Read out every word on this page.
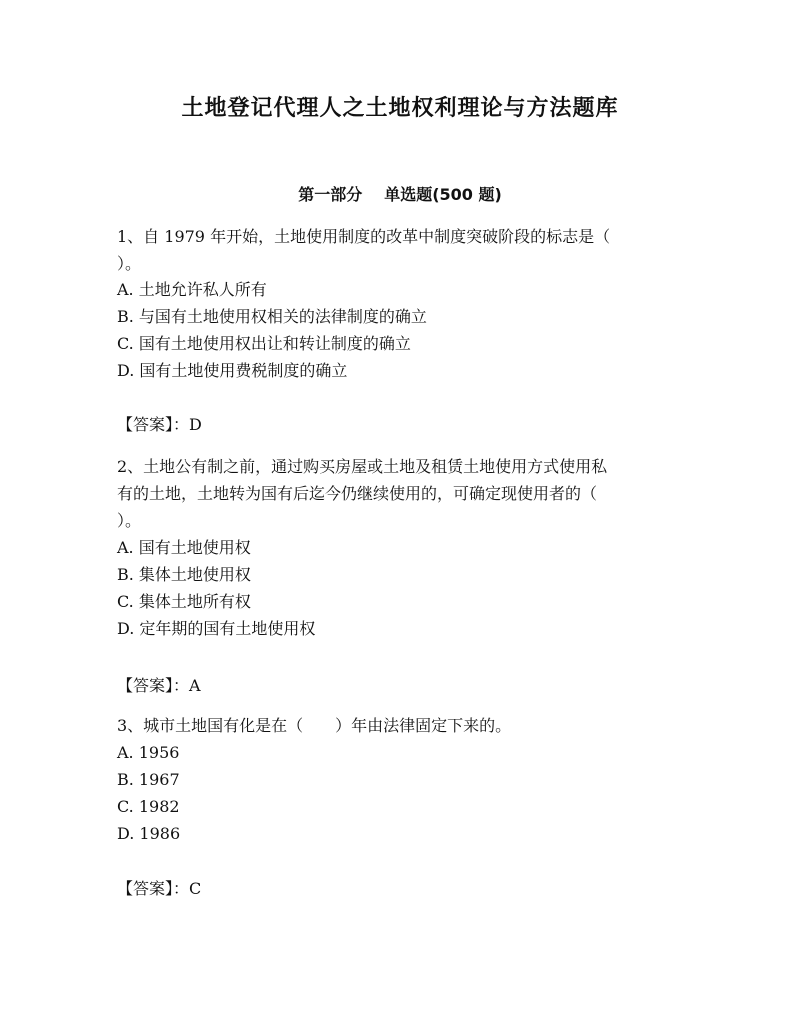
土地登记代理人之土地权利理论与方法题库
第一部分 单选题(500 题)
1、自 1979 年开始，土地使用制度的改革中制度突破阶段的标志是（
）。
A. 土地允许私人所有
B. 与国有土地使用权相关的法律制度的确立
C. 国有土地使用权出让和转让制度的确立
D. 国有土地使用费税制度的确立
【答案】：D
2、土地公有制之前，通过购买房屋或土地及租赁土地使用方式使用私
有的土地，土地转为国有后迄今仍继续使用的，可确定现使用者的（
）。
A. 国有土地使用权
B. 集体土地使用权
C. 集体土地所有权
D. 定年期的国有土地使用权
【答案】：A
3、城市土地国有化是在（　　）年由法律固定下来的。
A. 1956
B. 1967
C. 1982
D. 1986
【答案】：C
